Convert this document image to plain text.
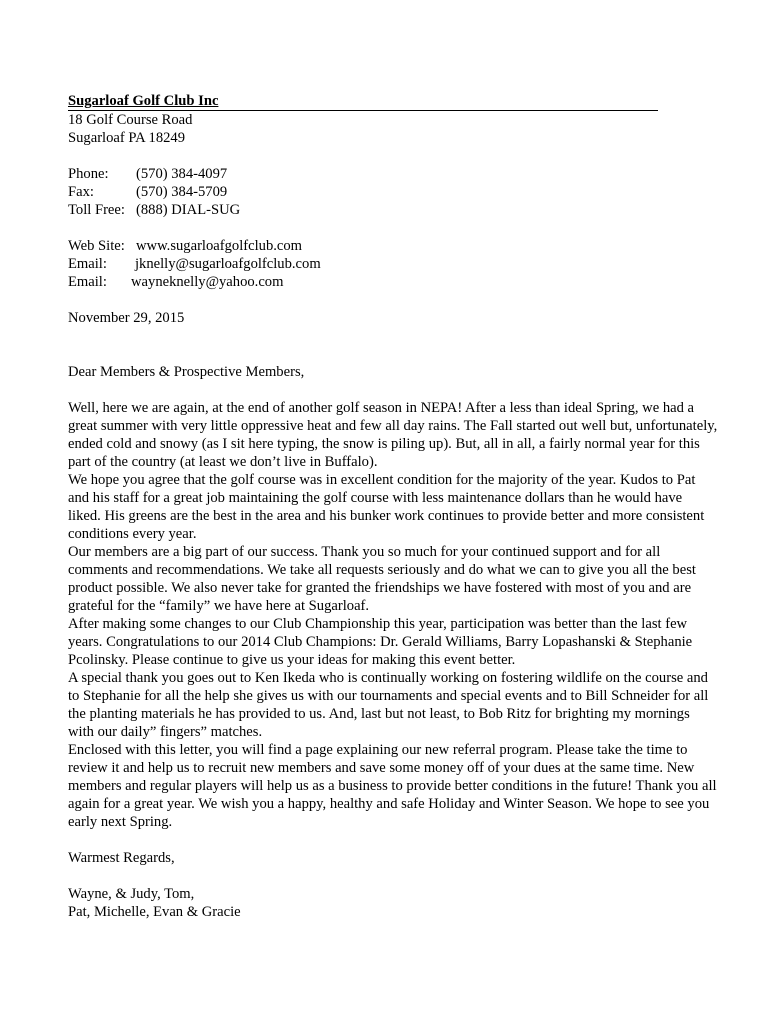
Sugarloaf Golf Club Inc
18 Golf Course Road
Sugarloaf PA 18249
Phone:	(570) 384-4097
Fax:	(570) 384-5709
Toll Free: (888) DIAL-SUG
Web Site: www.sugarloafgolfclub.com
Email:	jknelly@sugarloafgolfclub.com
Email:	wayneknelly@yahoo.com
November 29, 2015
Dear Members & Prospective Members,

Well, here we are again, at the end of another golf season in NEPA! After a less than ideal Spring, we had a great summer with very little oppressive heat and few all day rains. The Fall started out well but, unfortunately, ended cold and snowy (as I sit here typing, the snow is piling up). But, all in all, a fairly normal year for this part of the country (at least we don’t live in Buffalo).

We hope you agree that the golf course was in excellent condition for the majority of the year. Kudos to Pat and his staff for a great job maintaining the golf course with less maintenance dollars than he would have liked. His greens are the best in the area and his bunker work continues to provide better and more consistent conditions every year.

Our members are a big part of our success. Thank you so much for your continued support and for all comments and recommendations. We take all requests seriously and do what we can to give you all the best product possible. We also never take for granted the friendships we have fostered with most of you and are grateful for the “family” we have here at Sugarloaf.

After making some changes to our Club Championship this year, participation was better than the last few years. Congratulations to our 2014 Club Champions: Dr. Gerald Williams, Barry Lopashanski & Stephanie Pcolinsky. Please continue to give us your ideas for making this event better.

A special thank you goes out to Ken Ikeda who is continually working on fostering wildlife on the course and to Stephanie for all the help she gives us with our tournaments and special events and to Bill Schneider for all the planting materials he has provided to us. And, last but not least, to Bob Ritz for brighting my mornings with our daily” fingers” matches.

Enclosed with this letter, you will find a page explaining our new referral program. Please take the time to review it and help us to recruit new members and save some money off of your dues at the same time. New members and regular players will help us as a business to provide better conditions in the future! Thank you all again for a great year. We wish you a happy, healthy and safe Holiday and Winter Season. We hope to see you early next Spring.

Warmest Regards,
Wayne, & Judy, Tom,
Pat, Michelle, Evan & Gracie
